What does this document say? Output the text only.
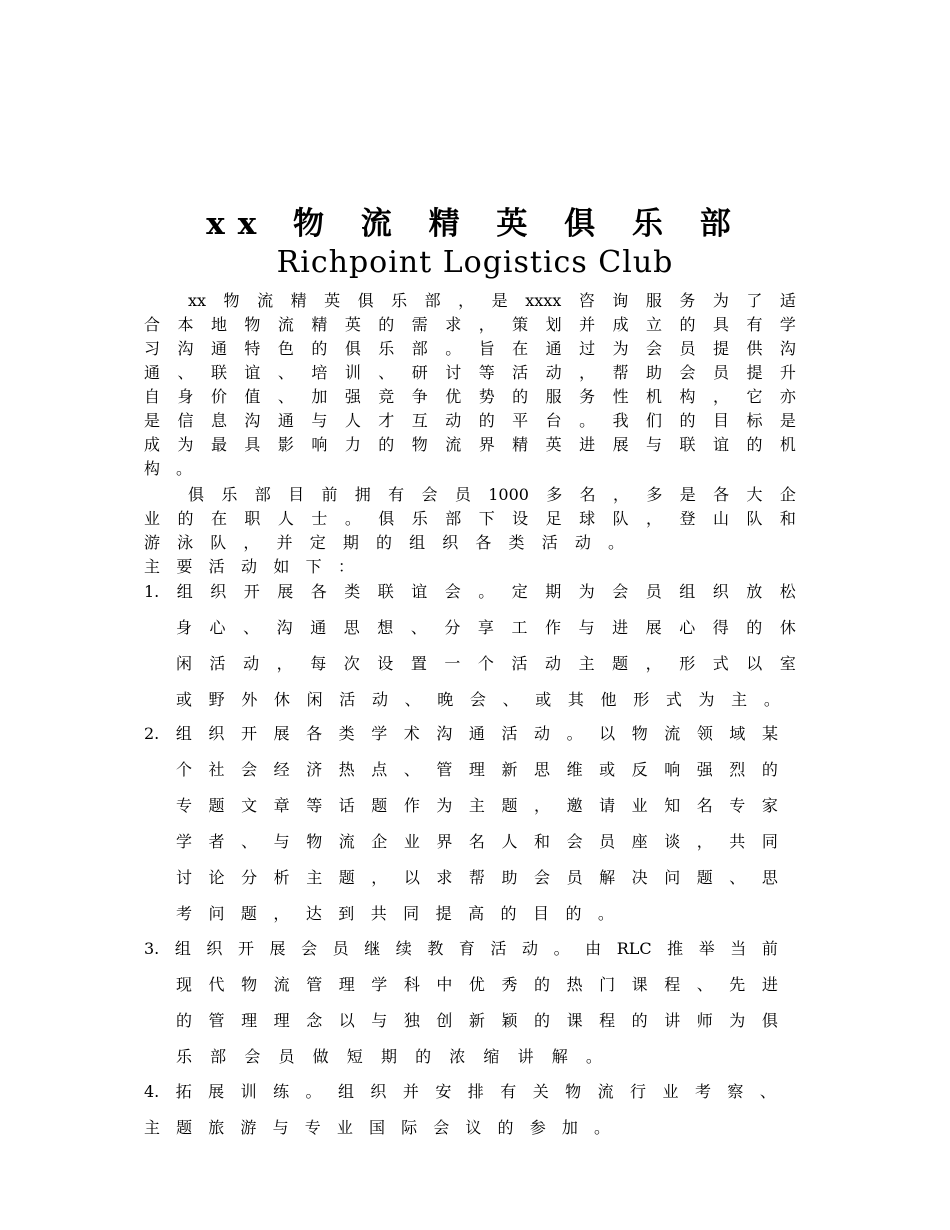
xx 物 流 精 英 俱 乐 部
Richpoint Logistics Club
xx 物 流 精 英 俱 乐 部 ， 是 xxxx 咨 询 服 务 为 了 适
合 本 地 物 流 精 英 的 需 求 ， 策 划 并 成 立 的 具 有 学
习 沟 通 特 色 的 俱 乐 部 。 旨 在 通 过 为 会 员 提 供 沟
通 、 联 谊 、 培 训 、 研 讨 等 活 动 ， 帮 助 会 员 提 升
自 身 价 值 、 加 强 竞 争 优 势 的 服 务 性 机 构 ， 它 亦
是 信 息 沟 通 与 人 才 互 动 的 平 台 。 我 们 的 目 标 是
成 为 最 具 影 响 力 的 物 流 界 精 英 进 展 与 联 谊 的 机
构 。
俱 乐 部 目 前 拥 有 会 员 1000 多 名 ， 多 是 各 大 企
业 的 在 职 人 士 。 俱 乐 部 下 设 足 球 队 ， 登 山 队 和
游 泳 队 ， 并 定 期 的 组 织 各 类 活 动 。
主 要 活 动 如 下 ：
1. 组 织 开 展 各 类 联 谊 会 。 定 期 为 会 员 组 织 放 松
身 心 、 沟 通 思 想 、 分 享 工 作 与 进 展 心 得 的 休
闲 活 动 ， 每 次 设 置 一 个 活 动 主 题 ， 形 式 以 室
或 野 外 休 闲 活 动 、 晚 会 、 或 其 他 形 式 为 主 。
2. 组 织 开 展 各 类 学 术 沟 通 活 动 。 以 物 流 领 域 某
个 社 会 经 济 热 点 、 管 理 新 思 维 或 反 响 强 烈 的
专 题 文 章 等 话 题 作 为 主 题 ， 邀 请 业 知 名 专 家
学 者 、 与 物 流 企 业 界 名 人 和 会 员 座 谈 ， 共 同
讨 论 分 析 主 题 ， 以 求 帮 助 会 员 解 决 问 题 、 思
考 问 题 ， 达 到 共 同 提 高 的 目 的 。
3. 组 织 开 展 会 员 继 续 教 育 活 动 。 由 RLC 推 举 当 前
现 代 物 流 管 理 学 科 中 优 秀 的 热 门 课 程 、 先 进
的 管 理 理 念 以 与 独 创 新 颖 的 课 程 的 讲 师 为 俱
乐 部 会 员 做 短 期 的 浓 缩 讲 解 。
4. 拓 展 训 练 。 组 织 并 安 排 有 关 物 流 行 业 考 察 、
主 题 旅 游 与 专 业 国 际 会 议 的 参 加 。
